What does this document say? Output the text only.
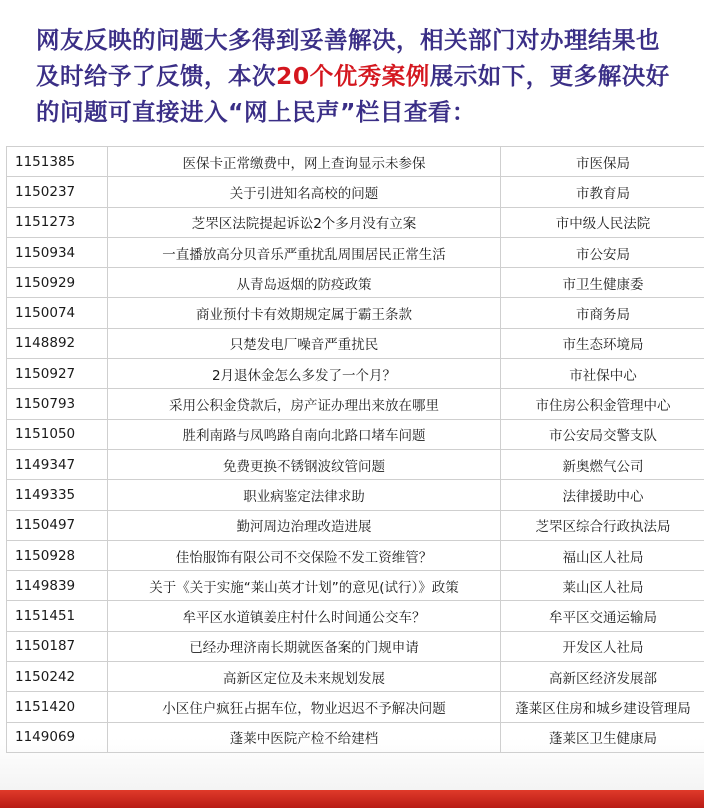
网友反映的问题大多得到妥善解决，相关部门对办理结果也及时给予了反馈，本次20个优秀案例展示如下，更多解决好的问题可直接进入“网上民声”栏目查看：
1151385	医保卡正常缴费中，网上查询显示未参保	市医保局
1150237	关于引进知名高校的问题	市教育局
1151273	芝罘区法院提起诉讼2个多月没有立案	市中级人民法院
1150934	一直播放高分贝音乐严重扰乱周围居民正常生活	市公安局
1150929	从青岛返烟的防疫政策	市卫生健康委
1150074	商业预付卡有效期规定属于霸王条款	市商务局
1148892	只楚发电厂噪音严重扰民	市生态环境局
1150927	2月退休金怎么多发了一个月？	市社保中心
1150793	采用公积金贷款后，房产证办理出来放在哪里	市住房公积金管理中心
1151050	胜利南路与凤鸣路自南向北路口堵车问题	市公安局交警支队
1149347	免费更换不锈钢波纹管问题	新奥燃气公司
1149335	职业病鉴定法律求助	法律援助中心
1150497	勤河周边治理改造进展	芝罘区综合行政执法局
1150928	佳怡服饰有限公司不交保险不发工资维管？	福山区人社局
1149839	关于《关于实施“莱山英才计划”的意见(试行）》政策	莱山区人社局
1151451	牟平区水道镇姜庄村什么时间通公交车？	牟平区交通运输局
1150187	已经办理济南长期就医备案的门规申请	开发区人社局
1150242	高新区定位及未来规划发展	高新区经济发展部
1151420	小区住户疯狂占据车位，物业迟迟不予解决问题	蓬莱区住房和城乡建设管理局
1149069	蓬莱中医院产检不给建档	蓬莱区卫生健康局
